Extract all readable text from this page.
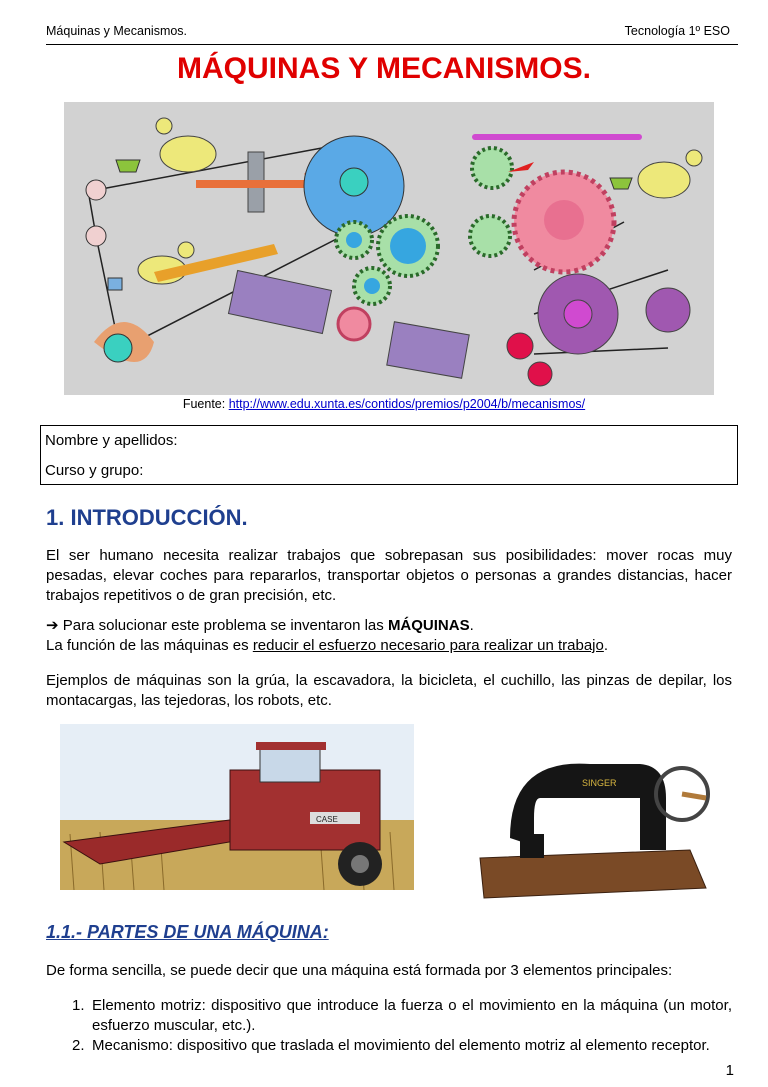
Máquinas y Mecanismos.	Tecnología 1º ESO
MÁQUINAS Y MECANISMOS.
Fuente: http://www.edu.xunta.es/contidos/premios/p2004/b/mecanismos/
Nombre y apellidos:
Curso y grupo:
1. INTRODUCCIÓN.
El ser humano necesita realizar trabajos que sobrepasan sus posibilidades: mover rocas muy pesadas, elevar coches para repararlos, transportar objetos o personas a grandes distancias, hacer trabajos repetitivos o de gran precisión, etc.
➔ Para solucionar este problema se inventaron las MÁQUINAS.
La función de las máquinas es reducir el esfuerzo necesario para realizar un trabajo.
Ejemplos de máquinas son la grúa, la escavadora, la bicicleta, el cuchillo, las pinzas de depilar, los montacargas, las tejedoras, los robots, etc.
CASE
SINGER
1.1.- PARTES DE UNA MÁQUINA:
De forma sencilla, se puede decir que una máquina está formada por 3 elementos principales:
1. Elemento motriz: dispositivo que introduce la fuerza o el movimiento en la máquina (un motor, esfuerzo muscular, etc.).
2. Mecanismo: dispositivo que traslada el movimiento del elemento motriz al elemento receptor.
1
